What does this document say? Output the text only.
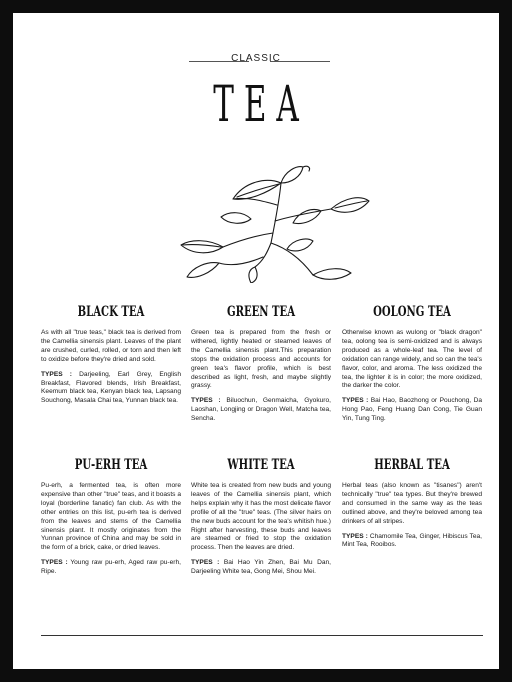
CLASSIC
TEA
BLACK TEA

As with all "true teas," black tea is derived from the Camellia sinensis plant. Leaves of the plant are crushed, curled, rolled, or torn and then left to oxidize before they're dried and sold.

TYPES : Darjeeling, Earl Grey, English Breakfast, Flavored blends, Irish Breakfast, Keemum black tea, Kenyan black tea, Lapsang Souchong, Masala Chai tea, Yunnan black tea.

GREEN TEA

Green tea is prepared from the fresh or withered, lightly heated or steamed leaves of the Camellia sinensis plant.This preparation stops the oxidation process and accounts for green tea's flavor profile, which is best described as light, fresh, and maybe slightly grassy.

TYPES : Biluochun, Genmaicha, Gyokuro, Laoshan, Longjing or Dragon Well, Matcha tea, Sencha.

OOLONG TEA

Otherwise known as wulong or "black dragon" tea, oolong tea is semi-oxidized and is always produced as a whole-leaf tea. The level of oxidation can range widely, and so can the tea's flavor, color, and aroma. The less oxidized the tea, the lighter it is in color; the more oxidized, the darker the color.

TYPES : Bai Hao, Baozhong or Pouchong, Da Hong Pao, Feng Huang Dan Cong, Tie Guan Yin, Tung Ting.

PU-ERH TEA

Pu-erh, a fermented tea, is often more expensive than other "true" teas, and it boasts a loyal (borderline fanatic) fan club. As with the other entries on this list, pu-erh tea is derived from the leaves and stems of the Camellia sinensis plant. It mostly originates from the Yunnan province of China and may be sold in the form of a brick, cake, or dried leaves.

TYPES : Young raw pu-erh, Aged raw pu-erh, Ripe.

WHITE TEA

White tea is created from new buds and young leaves of the Camellia sinensis plant, which helps explain why it has the most delicate flavor profile of all the "true" teas. (The silver hairs on the new buds account for the tea's whitish hue.) Right after harvesting, these buds and leaves are steamed or fried to stop the oxidation process. Then the leaves are dried.

TYPES : Bai Hao Yin Zhen, Bai Mu Dan, Darjeeling White tea, Gong Mei, Shou Mei.

HERBAL TEA

Herbal teas (also known as "tisanes") aren't technically "true" tea types. But they're brewed and consumed in the same way as the teas outlined above, and they're beloved among tea drinkers of all stripes.

TYPES : Chamomile Tea, Ginger, Hibiscus Tea, Mint Tea, Rooibos.
